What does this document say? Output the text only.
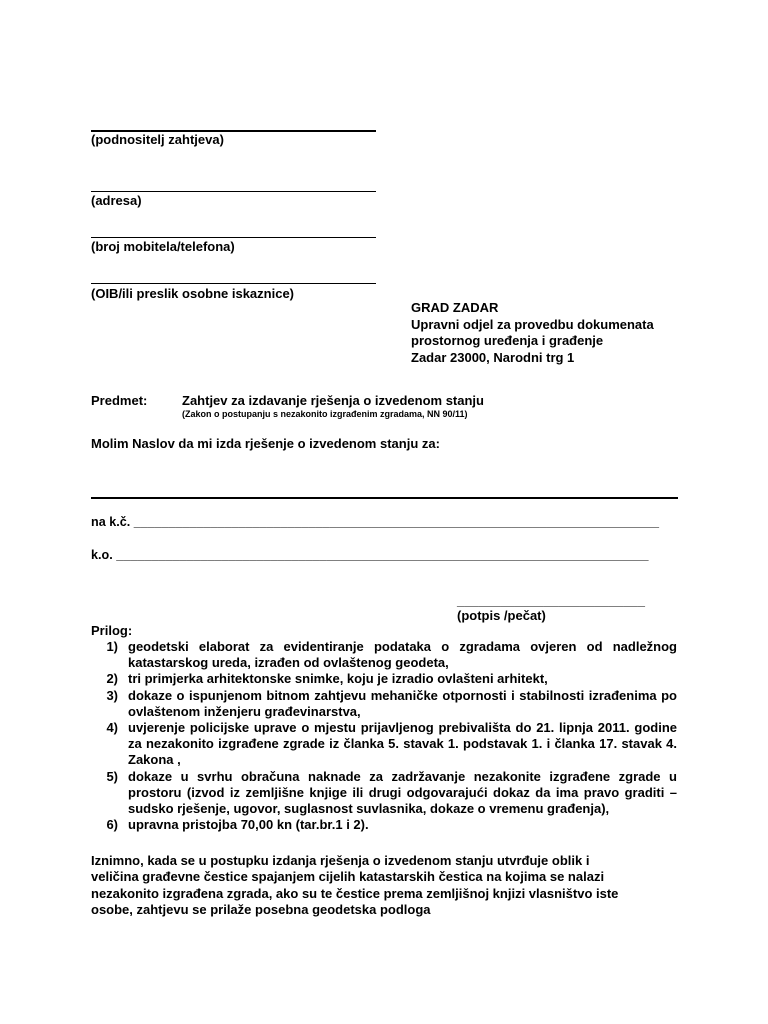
(podnositelj zahtjeva)
(adresa)
(broj mobitela/telefona)
(OIB/ili preslik osobne iskaznice)
GRAD ZADAR
Upravni odjel za provedbu dokumenata
prostornog uređenja i građenje
Zadar 23000, Narodni trg 1
Predmet:	Zahtjev za izdavanje rješenja o izvedenom stanju
(Zakon o postupanju s nezakonito izgrađenim zgradama, NN 90/11)
Molim Naslov da mi izda rješenje o izvedenom stanju za:
na k.č. ___________________________________________________________________________
k.o. ____________________________________________________________________________
__________________________
(potpis /pečat)
Prilog:
1) geodetski elaborat za evidentiranje podataka o zgradama ovjeren od nadležnog katastarskog ureda, izrađen od ovlaštenog geodeta,
2) tri primjerka arhitektonske snimke, koju je izradio ovlašteni arhitekt,
3) dokaze o ispunjenom bitnom zahtjevu mehaničke otpornosti i stabilnosti izrađenima po ovlaštenom inženjeru građevinarstva,
4) uvjerenje policijske uprave o mjestu prijavljenog prebivališta do 21. lipnja 2011. godine za nezakonito izgrađene zgrade iz članka 5. stavak 1. podstavak 1. i članka 17. stavak 4. Zakona ,
5) dokaze u svrhu obračuna naknade za zadržavanje nezakonite izgrađene zgrade u prostoru (izvod iz zemljišne knjige ili drugi odgovarajući dokaz da ima pravo graditi – sudsko rješenje, ugovor, suglasnost suvlasnika, dokaze o vremenu građenja),
6) upravna pristojba 70,00 kn (tar.br.1 i 2).
Iznimno, kada se u postupku izdanja rješenja o izvedenom stanju utvrđuje oblik i
veličina građevne čestice spajanjem cijelih katastarskih čestica na kojima se nalazi
nezakonito izgrađena zgrada, ako su te čestice prema zemljišnoj knjizi vlasništvo iste
osobe, zahtjevu se prilaže posebna geodetska podloga
